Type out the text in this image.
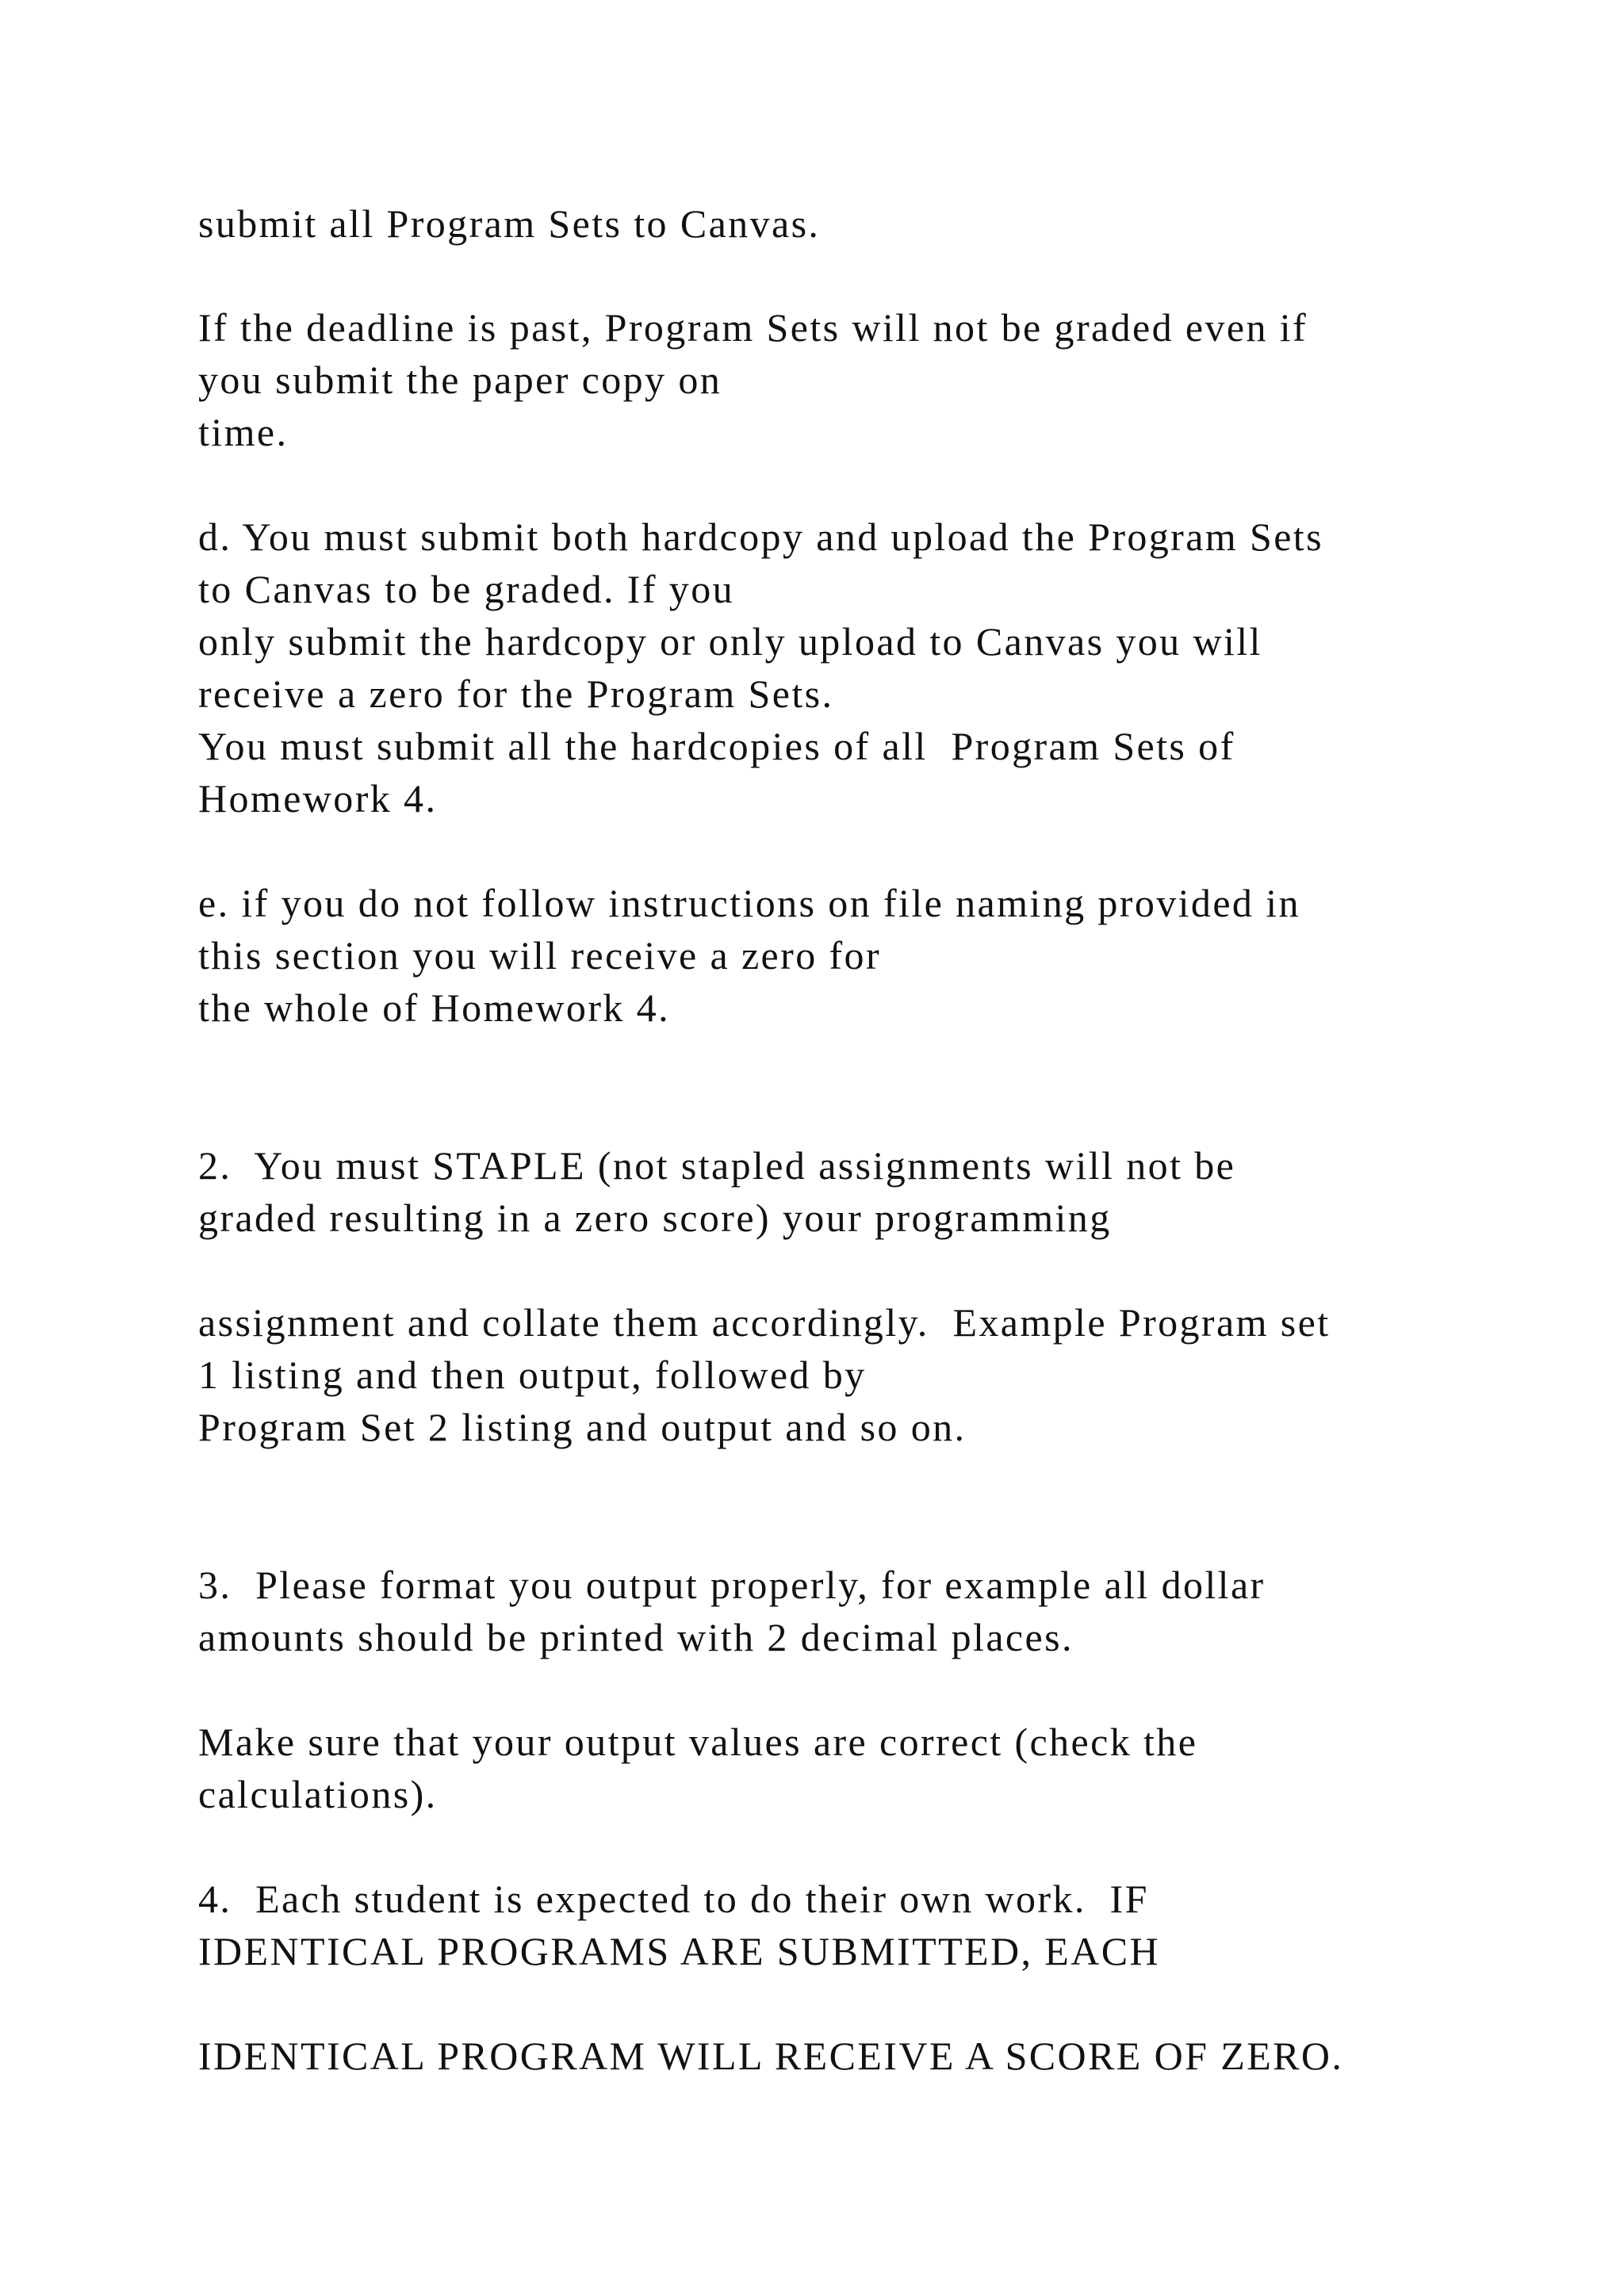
submit all Program Sets to Canvas.

If the deadline is past, Program Sets will not be graded even if

you submit the paper copy on

time.

d. You must submit both hardcopy and upload the Program Sets

to Canvas to be graded. If you

only submit the hardcopy or only upload to Canvas you will

receive a zero for the Program Sets.

You must submit all the hardcopies of all  Program Sets of

Homework 4.

e. if you do not follow instructions on file naming provided in

this section you will receive a zero for

the whole of Homework 4.

2.  You must STAPLE (not stapled assignments will not be

graded resulting in a zero score) your programming

assignment and collate them accordingly.  Example Program set

1 listing and then output, followed by

Program Set 2 listing and output and so on.

3.  Please format you output properly, for example all dollar

amounts should be printed with 2 decimal places.

Make sure that your output values are correct (check the

calculations).

4.  Each student is expected to do their own work.  IF

IDENTICAL PROGRAMS ARE SUBMITTED, EACH

IDENTICAL PROGRAM WILL RECEIVE A SCORE OF ZERO.
